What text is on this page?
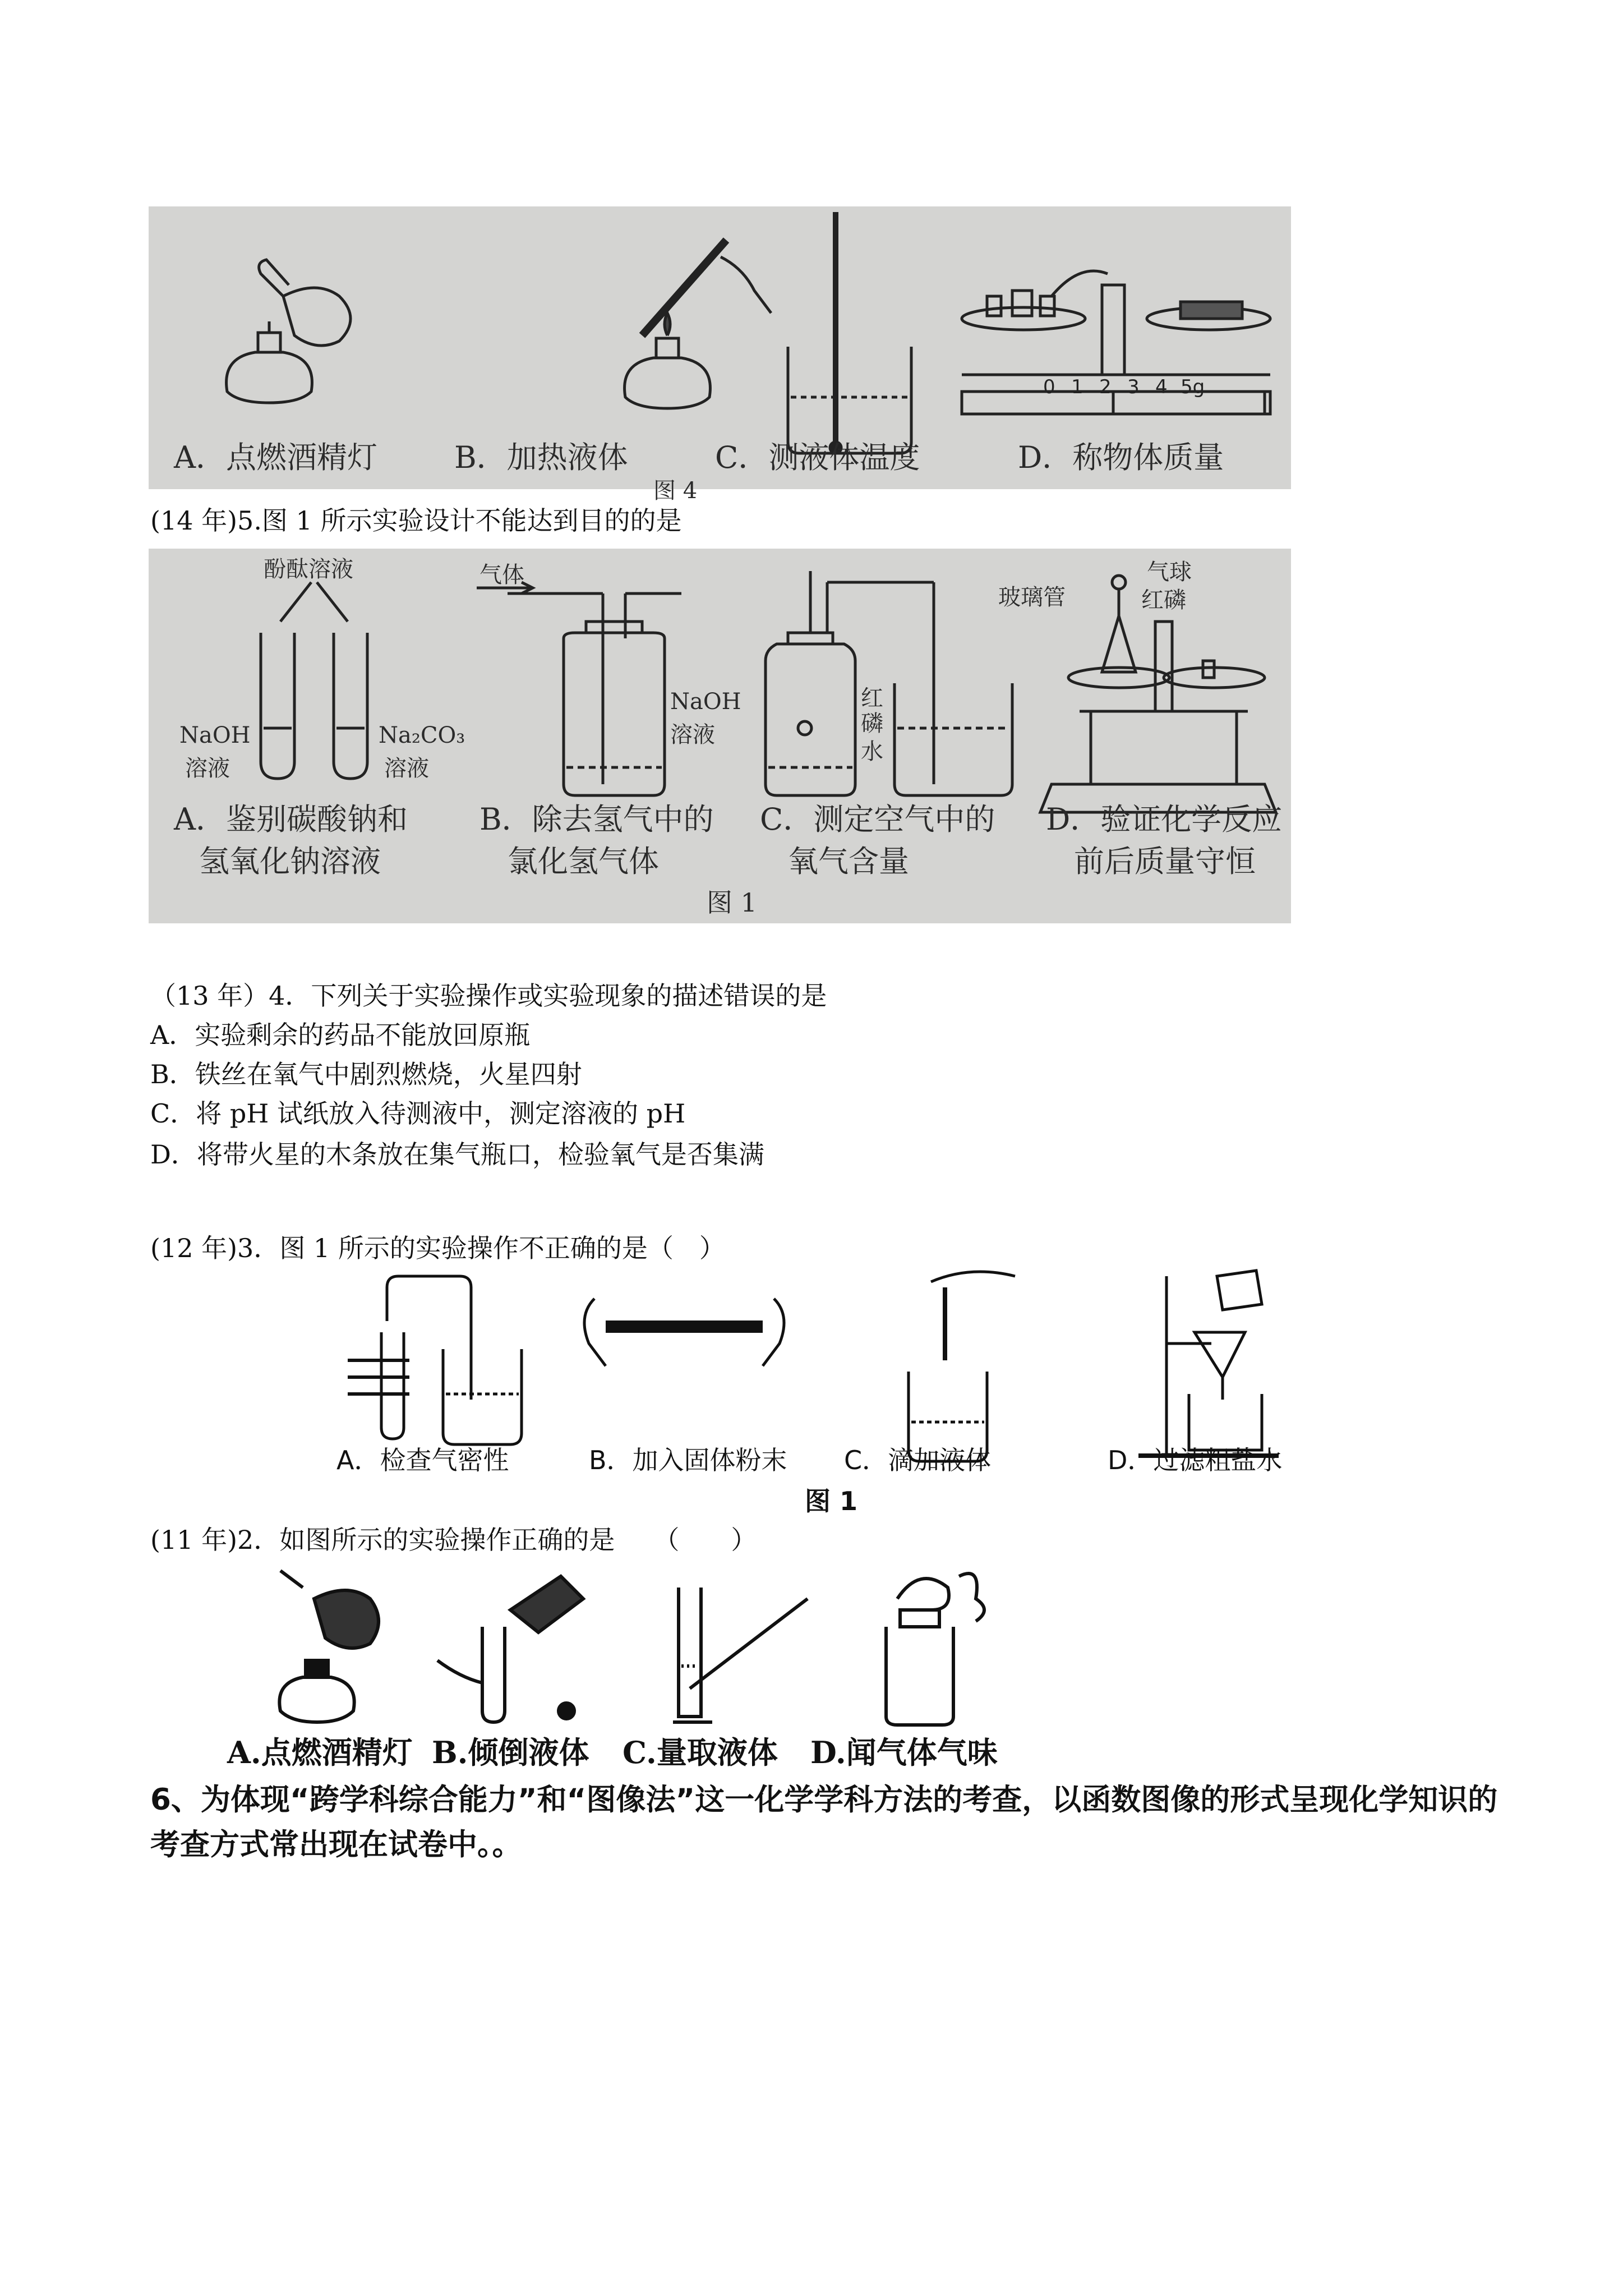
0 1 2 3 4 5g
A．点燃酒精灯	B．加热液体	C．测液体温度	D．称物体质量
图 4
(14 年)5.图 1 所示实验设计不能达到目的的是
酚酞溶液
NaOH
溶液
Na₂CO₃
溶液
气体
NaOH
溶液
红
磷
水
玻璃管
气球
红磷
A．鉴别碳酸钠和
氢氧化钠溶液
B．除去氢气中的
氯化氢气体
C．测定空气中的
氧气含量
D．验证化学反应
前后质量守恒
图 1
（13 年）4．下列关于实验操作或实验现象的描述错误的是
A．实验剩余的药品不能放回原瓶
B．铁丝在氧气中剧烈燃烧，火星四射
C．将 pH 试纸放入待测液中，测定溶液的 pH
D．将带火星的木条放在集气瓶口，检验氧气是否集满
(12 年)3．图 1 所示的实验操作不正确的是（　）
A．检查气密性	B．加入固体粉末 C．滴加液体	D．过滤粗盐水
图 1
(11 年)2．如图所示的实验操作正确的是　　（　　）
A.点燃酒精灯 B.倾倒液体 C.量取液体 D.闻气体气味
6、为体现“跨学科综合能力”和“图像法”这一化学学科方法的考查，以函数图像的形式呈现化学知识的
考查方式常出现在试卷中。。
